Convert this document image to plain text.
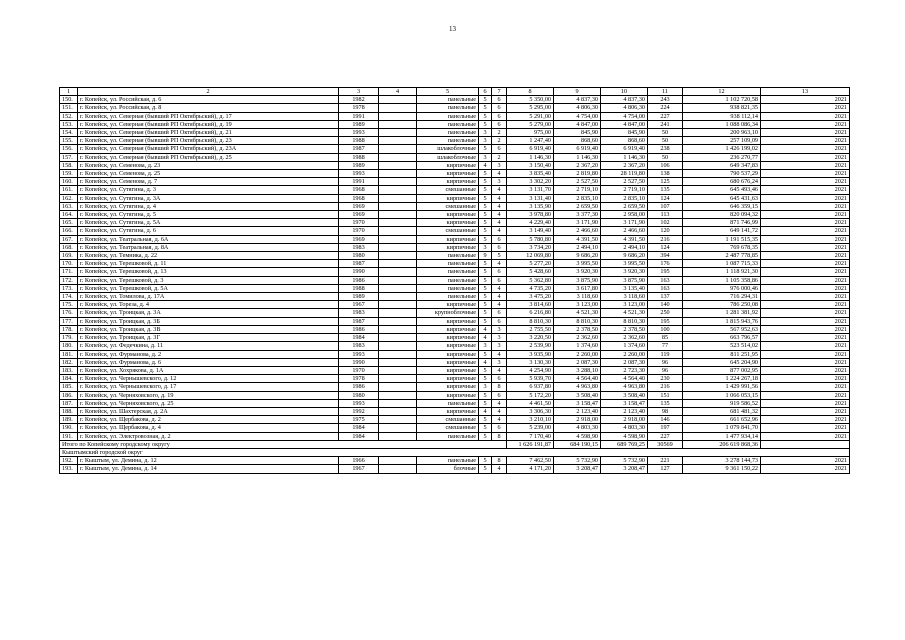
13
1	2	3	4	5	6	7	8	9	10	11	12	13
150.	г. Копейск, ул. Российская, д. 6	1982		панельные	5	6	5 350,00	4 837,30	4 837,30	243	1 102 720,58	2021
151.	г. Копейск, ул. Российская, д. 8	1978		панельные	5	6	5 295,00	4 806,30	4 806,30	224	938 821,35	2021
152.	г. Копейск, ул. Северная (бывший РП Октябрьский), д. 17	1991		панельные	5	6	5 291,00	4 754,00	4 754,00	227	938 112,14	2021
153.	г. Копейск, ул. Северная (бывший РП Октябрьский), д. 19	1989		панельные	5	6	5 279,00	4 847,00	4 847,00	241	1 088 086,34	2021
154.	г. Копейск, ул. Северная (бывший РП Октябрьский), д. 21	1993		панельные	3	2	975,00	845,90	845,90	50	200 963,10	2021
155.	г. Копейск, ул. Северная (бывший РП Октябрьский), д. 23	1988		панельные	3	2	1 247,40	868,60	868,60	50	257 109,09	2021
156.	г. Копейск, ул. Северная (бывший РП Октябрьский), д. 23А	1987		шлакоблочные	5	6	6 919,40	6 919,40	6 919,40	238	1 426 199,02	2021
157.	г. Копейск, ул. Северная (бывший РП Октябрьский), д. 25	1988		шлакоблочные	3	2	1 146,30	1 146,30	1 146,30	50	236 270,77	2021
158.	г. Копейск, ул. Семенова, д. 23	1989		кирпичные	4	3	3 150,40	2 367,20	2 367,20	106	649 347,83	2021
159.	г. Копейск, ул. Семенова, д. 25	1993		кирпичные	5	4	3 835,40	2 819,80	28 119,80	138	790 537,29	2021
160.	г. Копейск, ул. Семенова, д. 7	1991		кирпичные	5	3	3 302,20	2 527,50	2 527,50	125	680 676,24	2021
161.	г. Копейск, ул. Сутягина, д. 3	1968		смешанные	5	4	3 131,70	2 719,10	2 719,10	135	645 493,46	2021
162.	г. Копейск, ул. Сутягина, д. 3А	1968		кирпичные	5	4	3 131,40	2 835,10	2 835,10	124	645 431,63	2021
163.	г. Копейск, ул. Сутягина, д. 4	1969		смешанные	5	4	3 135,90	2 659,50	2 659,50	107	646 359,15	2021
164.	г. Копейск, ул. Сутягина, д. 5	1969		кирпичные	5	4	3 978,80	3 377,30	2 958,00	113	820 094,32	2021
165.	г. Копейск, ул. Сутягина, д. 5А	1970		кирпичные	5	4	4 229,40	3 171,90	3 171,90	102	871 746,99	2021
166.	г. Копейск, ул. Сутягина, д. 6	1970		смешанные	5	4	3 149,40	2 466,60	2 466,60	120	649 141,72	2021
167.	г. Копейск, ул. Театральная, д. 6А	1969		кирпичные	5	6	5 780,80	4 391,50	4 391,50	216	1 191 515,35	2021
168.	г. Копейск, ул. Театральная, д. 8А	1983		кирпичные	3	6	3 734,20	2 494,10	2 494,10	124	769 678,35	2021
169.	г. Копейск, ул. Темника, д. 22	1980		панельные	9	5	12 069,80	9 686,20	9 686,20	394	2 487 778,85	2021
170.	г. Копейск, ул. Терешковой, д. 11	1987		панельные	5	4	5 277,20	3 995,50	3 995,50	176	1 087 715,33	2021
171.	г. Копейск, ул. Терешковой, д. 13	1990		панельные	5	6	5 428,60	3 920,30	3 920,30	195	1 118 921,30	2021
172.	г. Копейск, ул. Терешковой, д. 3	1986		панельные	5	6	5 362,80	3 875,90	3 875,90	163	1 105 358,86	2021
173.	г. Копейск, ул. Терешковой, д. 5А	1988		панельные	5	4	4 735,20	3 617,80	3 135,40	163	976 000,46	2021
174.	г. Копейск, ул. Томилова, д. 17А	1989		панельные	5	4	3 475,20	3 118,60	3 118,60	137	716 294,31	2021
175.	г. Копейск, ул. Тореза, д. 4	1967		кирпичные	5	4	3 814,60	3 123,00	3 123,00	140	786 250,08	2021
176.	г. Копейск, ул. Троицкая, д. 3А	1983		крупноблочные	5	6	6 216,80	4 521,30	4 521,30	250	1 281 381,92	2021
177.	г. Копейск, ул. Троицкая, д. 3Б	1987		кирпичные	5	6	8 810,30	8 810,30	8 810,30	195	1 815 943,76	2021
178.	г. Копейск, ул. Троицкая, д. 3В	1986		кирпичные	4	3	2 755,50	2 378,50	2 378,50	100	567 952,63	2021
179.	г. Копейск, ул. Троицкая, д. 3Г	1984		кирпичные	4	3	3 220,50	2 362,60	2 362,60	85	663 796,57	2021
180.	г. Копейск, ул. Федечкина, д. 11	1983		кирпичные	3	3	2 539,90	1 374,60	1 374,60	77	523 514,02	2021
181.	г. Копейск, ул. Фурманова, д. 2	1993		кирпичные	5	4	3 935,90	2 260,00	2 260,00	119	811 251,95	2021
182.	г. Копейск, ул. Фурманова, д. 6	1990		кирпичные	4	3	3 130,30	2 087,30	2 087,30	96	645 204,90	2021
183.	г. Копейск, ул. Хохрякова, д. 1А	1970		кирпичные	5	4	4 254,90	3 288,10	2 723,30	96	877 002,95	2021
184.	г. Копейск, ул. Чернышевского, д. 12	1978		кирпичные	5	6	5 939,70	4 564,40	4 564,40	230	1 224 267,18	2021
185.	г. Копейск, ул. Чернышевского, д. 17	1986		кирпичные	3	8	6 937,80	4 963,80	4 963,80	216	1 429 991,56	2021
186.	г. Копейск, ул. Черняховского, д. 19	1980		кирпичные	5	6	5 172,20	3 508,40	3 508,40	151	1 066 053,15	2021
187.	г. Копейск, ул. Черняховского, д. 25	1993		панельные	5	4	4 461,50	3 158,47	3 158,47	135	919 586,52	2021
188.	г. Копейск, ул. Шахтерская, д. 2А	1992		кирпичные	4	4	3 306,30	2 123,40	2 123,40	98	681 481,32	2021
189.	г. Копейск, ул. Щербакова, д. 2	1975		смешанные	5	4	3 210,10	2 918,00	2 918,00	146	661 652,96	2021
190.	г. Копейск, ул. Щербакова, д. 4	1984		смешанные	5	6	5 239,00	4 803,30	4 803,30	197	1 079 841,70	2021
191.	г. Копейск, ул. Электровозная, д. 2	1984		панельные	5	8	7 170,40	4 598,90	4 598,90	227	1 477 934,14	2021
Итого по Копейскому городскому округу							1 626 191,87	684 190,15	689 769,25	30569	206 619 868,36	
Кыштымский городской округ												
192.	г. Кыштым, ул. Демина, д. 12	1966		панельные	5	8	7 462,50	5 732,90	5 732,90	221	3 278 144,73	2021
193.	г. Кыштым, ул. Демина, д. 14	1967		блочные	5	4	4 171,20	3 208,47	3 208,47	127	9 361 150,22	2021
